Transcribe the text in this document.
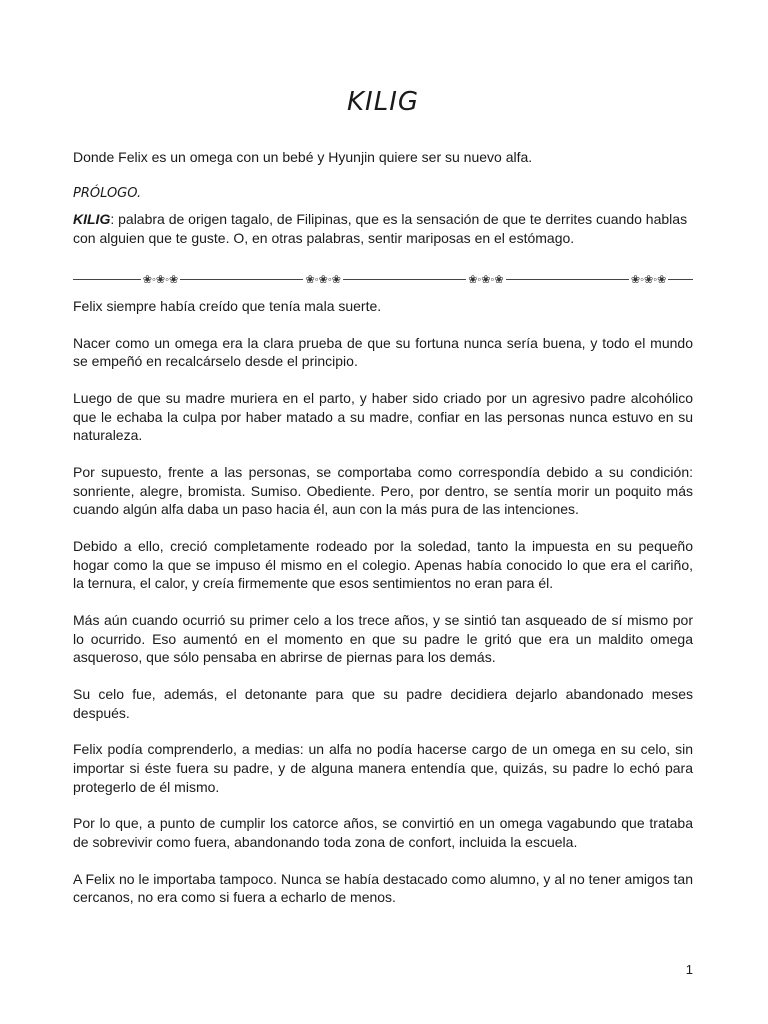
KILIG
Donde Felix es un omega con un bebé y Hyunjin quiere ser su nuevo alfa.
PRÓLOGO.
KILIG: palabra de origen tagalo, de Filipinas, que es la sensación de que te derrites cuando hablas con alguien que te guste. O, en otras palabras, sentir mariposas en el estómago.
❀◦❀◦❀	❀◦❀◦❀	❀◦❀◦❀	❀◦❀◦❀

Felix siempre había creído que tenía mala suerte.

Nacer como un omega era la clara prueba de que su fortuna nunca sería buena, y todo el mundo se empeñó en recalcárselo desde el principio.

Luego de que su madre muriera en el parto, y haber sido criado por un agresivo padre alcohólico que le echaba la culpa por haber matado a su madre, confiar en las personas nunca estuvo en su naturaleza.

Por supuesto, frente a las personas, se comportaba como correspondía debido a su condición: sonriente, alegre, bromista. Sumiso. Obediente. Pero, por dentro, se sentía morir un poquito más cuando algún alfa daba un paso hacia él, aun con la más pura de las intenciones.

Debido a ello, creció completamente rodeado por la soledad, tanto la impuesta en su pequeño hogar como la que se impuso él mismo en el colegio. Apenas había conocido lo que era el cariño, la ternura, el calor, y creía firmemente que esos sentimientos no eran para él.

Más aún cuando ocurrió su primer celo a los trece años, y se sintió tan asqueado de sí mismo por lo ocurrido. Eso aumentó en el momento en que su padre le gritó que era un maldito omega asqueroso, que sólo pensaba en abrirse de piernas para los demás.

Su celo fue, además, el detonante para que su padre decidiera dejarlo abandonado meses después.

Felix podía comprenderlo, a medias: un alfa no podía hacerse cargo de un omega en su celo, sin importar si éste fuera su padre, y de alguna manera entendía que, quizás, su padre lo echó para protegerlo de él mismo.

Por lo que, a punto de cumplir los catorce años, se convirtió en un omega vagabundo que trataba de sobrevivir como fuera, abandonando toda zona de confort, incluida la escuela.

A Felix no le importaba tampoco. Nunca se había destacado como alumno, y al no tener amigos tan cercanos, no era como si fuera a echarlo de menos.

1
